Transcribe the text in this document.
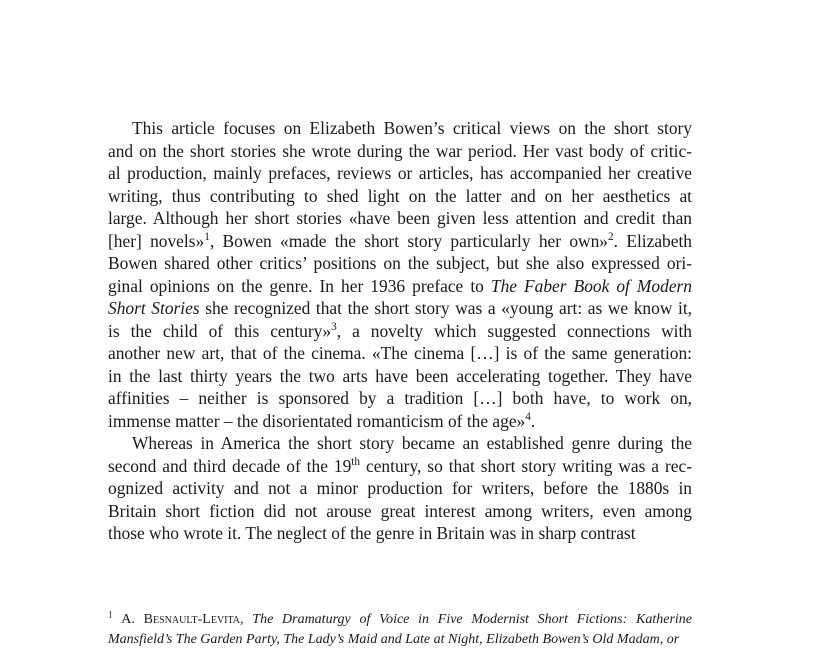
This article focuses on Elizabeth Bowen’s critical views on the short story
and on the short stories she wrote during the war period. Her vast body of critic-
al production, mainly prefaces, reviews or articles, has accompanied her creative
writing, thus contributing to shed light on the latter and on her aesthetics at
large. Although her short stories «have been given less attention and credit than
[her] novels»$^1$, Bowen «made the short story particularly her own»$^2$. Elizabeth
Bowen shared other critics’ positions on the subject, but she also expressed ori-
ginal opinions on the genre. In her 1936 preface to The Faber Book of Modern
Short Stories she recognized that the short story was a «young art: as we know it,
is the child of this century»$^3$, a novelty which suggested connections with
another new art, that of the cinema. «The cinema […] is of the same generation:
in the last thirty years the two arts have been accelerating together. They have
affinities – neither is sponsored by a tradition […] both have, to work on,
immense matter – the disorientated romanticism of the age»$^4$.
Whereas in America the short story became an established genre during the
second and third decade of the 19th century, so that short story writing was a rec-
ognized activity and not a minor production for writers, before the 1880s in
Britain short fiction did not arouse great interest among writers, even among
those who wrote it. The neglect of the genre in Britain was in sharp contrast
$^1$ A. Besnault-Levita, The Dramaturgy of Voice in Five Modernist Short Fictions: Katherine
Mansfield’s The Garden Party, The Lady’s Maid and Late at Night, Elizabeth Bowen’s Old Madam, or
